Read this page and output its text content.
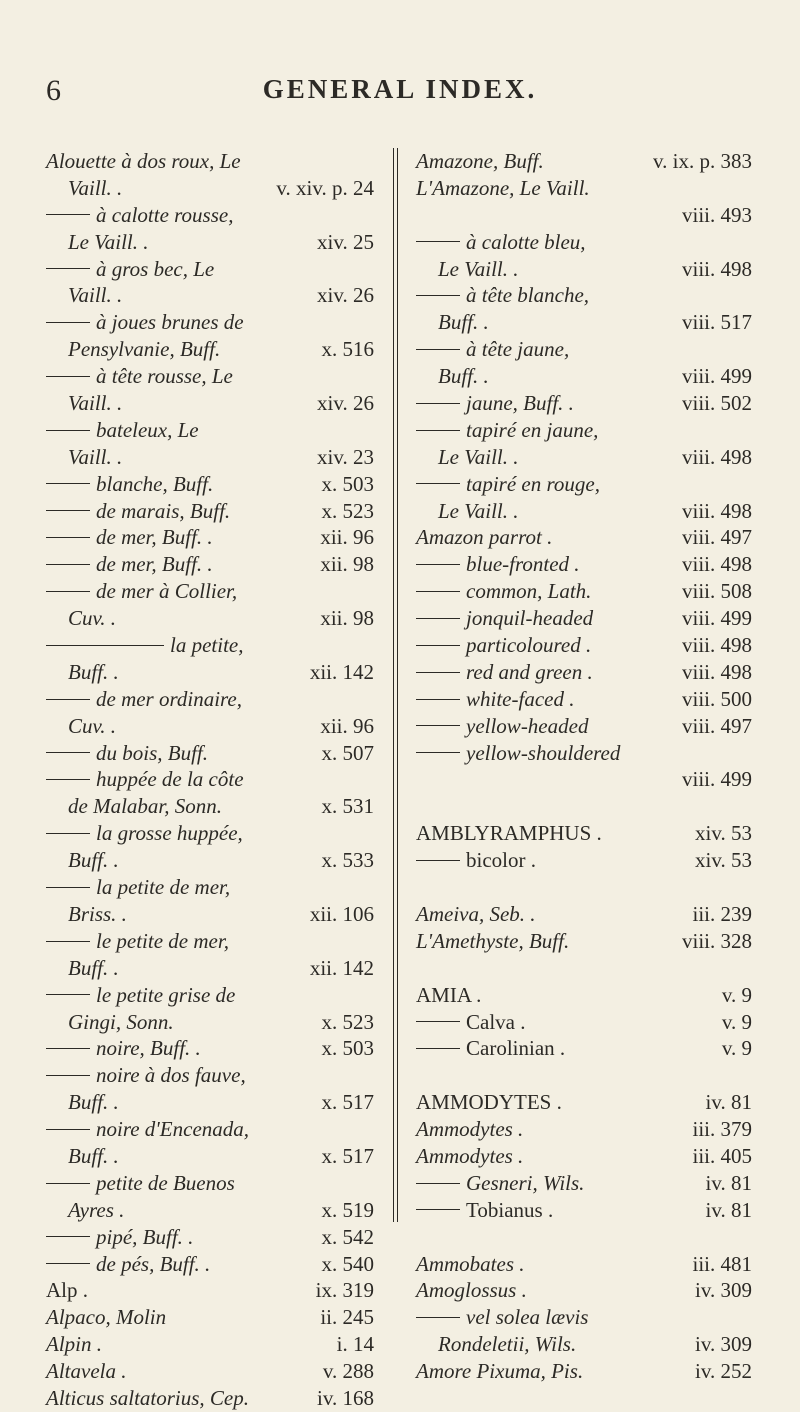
6	GENERAL INDEX.
Alouette à dos roux, Le
Vaill. .	v. xiv. p. 24
à calotte rousse,
Le Vaill. .	xiv. 25
à gros bec, Le
Vaill. .	xiv. 26
à joues brunes de
Pensylvanie, Buff.	x. 516
à tête rousse, Le
Vaill. .	xiv. 26
bateleux, Le
Vaill. .	xiv. 23
blanche, Buff.	x. 503
de marais, Buff.	x. 523
de mer, Buff. .	xii. 96
de mer, Buff. .	xii. 98
de mer à Collier,
Cuv. .	xii. 98
la petite,
Buff. .	xii. 142
de mer ordinaire,
Cuv. .	xii. 96
du bois, Buff.	x. 507
huppée de la côte
de Malabar, Sonn.	x. 531
la grosse huppée,
Buff. .	x. 533
la petite de mer,
Briss. .	xii. 106
le petite de mer,
Buff. .	xii. 142
le petite grise de
Gingi, Sonn.	x. 523
noire, Buff. .	x. 503
noire à dos fauve,
Buff. .	x. 517
noire d'Encenada,
Buff. .	x. 517
petite de Buenos
Ayres .	x. 519
pipé, Buff. .	x. 542
de pés, Buff. .	x. 540
Alp .	ix. 319
Alpaco, Molin	ii. 245
Alpin .	i. 14
Altavela .	v. 288
Alticus saltatorius, Cep.	iv. 168
Amazone, Buff.	v. ix. p. 383
L'Amazone, Le Vaill.
viii. 493
à calotte bleu,
Le Vaill. .	viii. 498
à tête blanche,
Buff. .	viii. 517
à tête jaune,
Buff. .	viii. 499
jaune, Buff. .	viii. 502
tapiré en jaune,
Le Vaill. .	viii. 498
tapiré en rouge,
Le Vaill. .	viii. 498
Amazon parrot .	viii. 497
blue-fronted .	viii. 498
common, Lath.	viii. 508
jonquil-headed	viii. 499
particoloured .	viii. 498
red and green .	viii. 498
white-faced .	viii. 500
yellow-headed	viii. 497
yellow-shouldered
viii. 499
AMBLYRAMPHUS .	xiv. 53
bicolor .	xiv. 53
Ameiva, Seb. .	iii. 239
L'Amethyste, Buff.	viii. 328
AMIA .	v. 9
Calva .	v. 9
Carolinian .	v. 9
AMMODYTES .	iv. 81
Ammodytes .	iii. 379
Ammodytes .	iii. 405
Gesneri, Wils.	iv. 81
Tobianus .	iv. 81
Ammobates .	iii. 481
Amoglossus .	iv. 309
vel solea lævis
Rondeletii, Wils.	iv. 309
Amore Pixuma, Pis.	iv. 252
